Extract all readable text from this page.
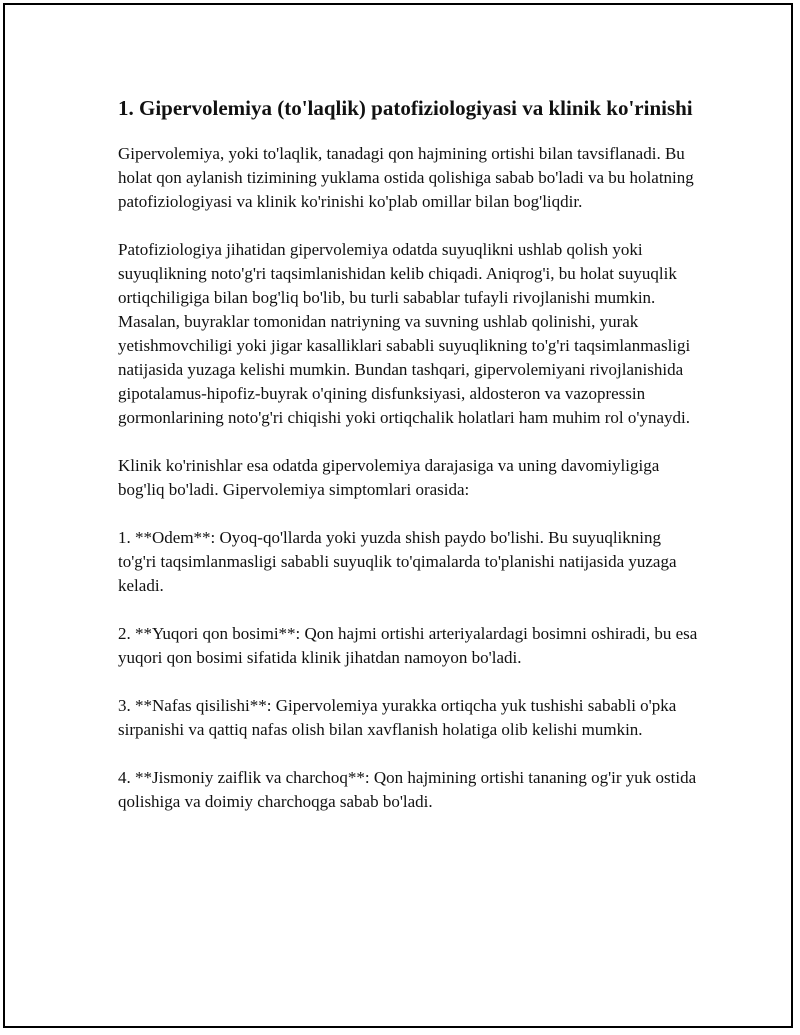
1. Gipervolemiya (to'laqlik) patofiziologiyasi va klinik ko'rinishi

Gipervolemiya, yoki to'laqlik, tanadagi qon hajmining ortishi bilan tavsiflanadi. Bu holat qon aylanish tizimining yuklama ostida qolishiga sabab bo'ladi va bu holatning patofiziologiyasi va klinik ko'rinishi ko'plab omillar bilan bog'liqdir.

Patofiziologiya jihatidan gipervolemiya odatda suyuqlikni ushlab qolish yoki suyuqlikning noto'g'ri taqsimlanishidan kelib chiqadi. Aniqrog'i, bu holat suyuqlik ortiqchiligiga bilan bog'liq bo'lib, bu turli sabablar tufayli rivojlanishi mumkin. Masalan, buyraklar tomonidan natriyning va suvning ushlab qolinishi, yurak yetishmovchiligi yoki jigar kasalliklari sababli suyuqlikning to'g'ri taqsimlanmasligi natijasida yuzaga kelishi mumkin. Bundan tashqari, gipervolemiyani rivojlanishida gipotalamus-hipofiz-buyrak o'qining disfunksiyasi, aldosteron va vazopressin gormonlarining noto'g'ri chiqishi yoki ortiqchalik holatlari ham muhim rol o'ynaydi.

Klinik ko'rinishlar esa odatda gipervolemiya darajasiga va uning davomiyligiga bog'liq bo'ladi. Gipervolemiya simptomlari orasida:

1. **Odem**: Oyoq-qo'llarda yoki yuzda shish paydo bo'lishi. Bu suyuqlikning to'g'ri taqsimlanmasligi sababli suyuqlik to'qimalarda to'planishi natijasida yuzaga keladi.

2. **Yuqori qon bosimi**: Qon hajmi ortishi arteriyalardagi bosimni oshiradi, bu esa yuqori qon bosimi sifatida klinik jihatdan namoyon bo'ladi.

3. **Nafas qisilishi**: Gipervolemiya yurakka ortiqcha yuk tushishi sababli o'pka sirpanishi va qattiq nafas olish bilan xavflanish holatiga olib kelishi mumkin.

4. **Jismoniy zaiflik va charchoq**: Qon hajmining ortishi tananing og'ir yuk ostida qolishiga va doimiy charchoqga sabab bo'ladi.
